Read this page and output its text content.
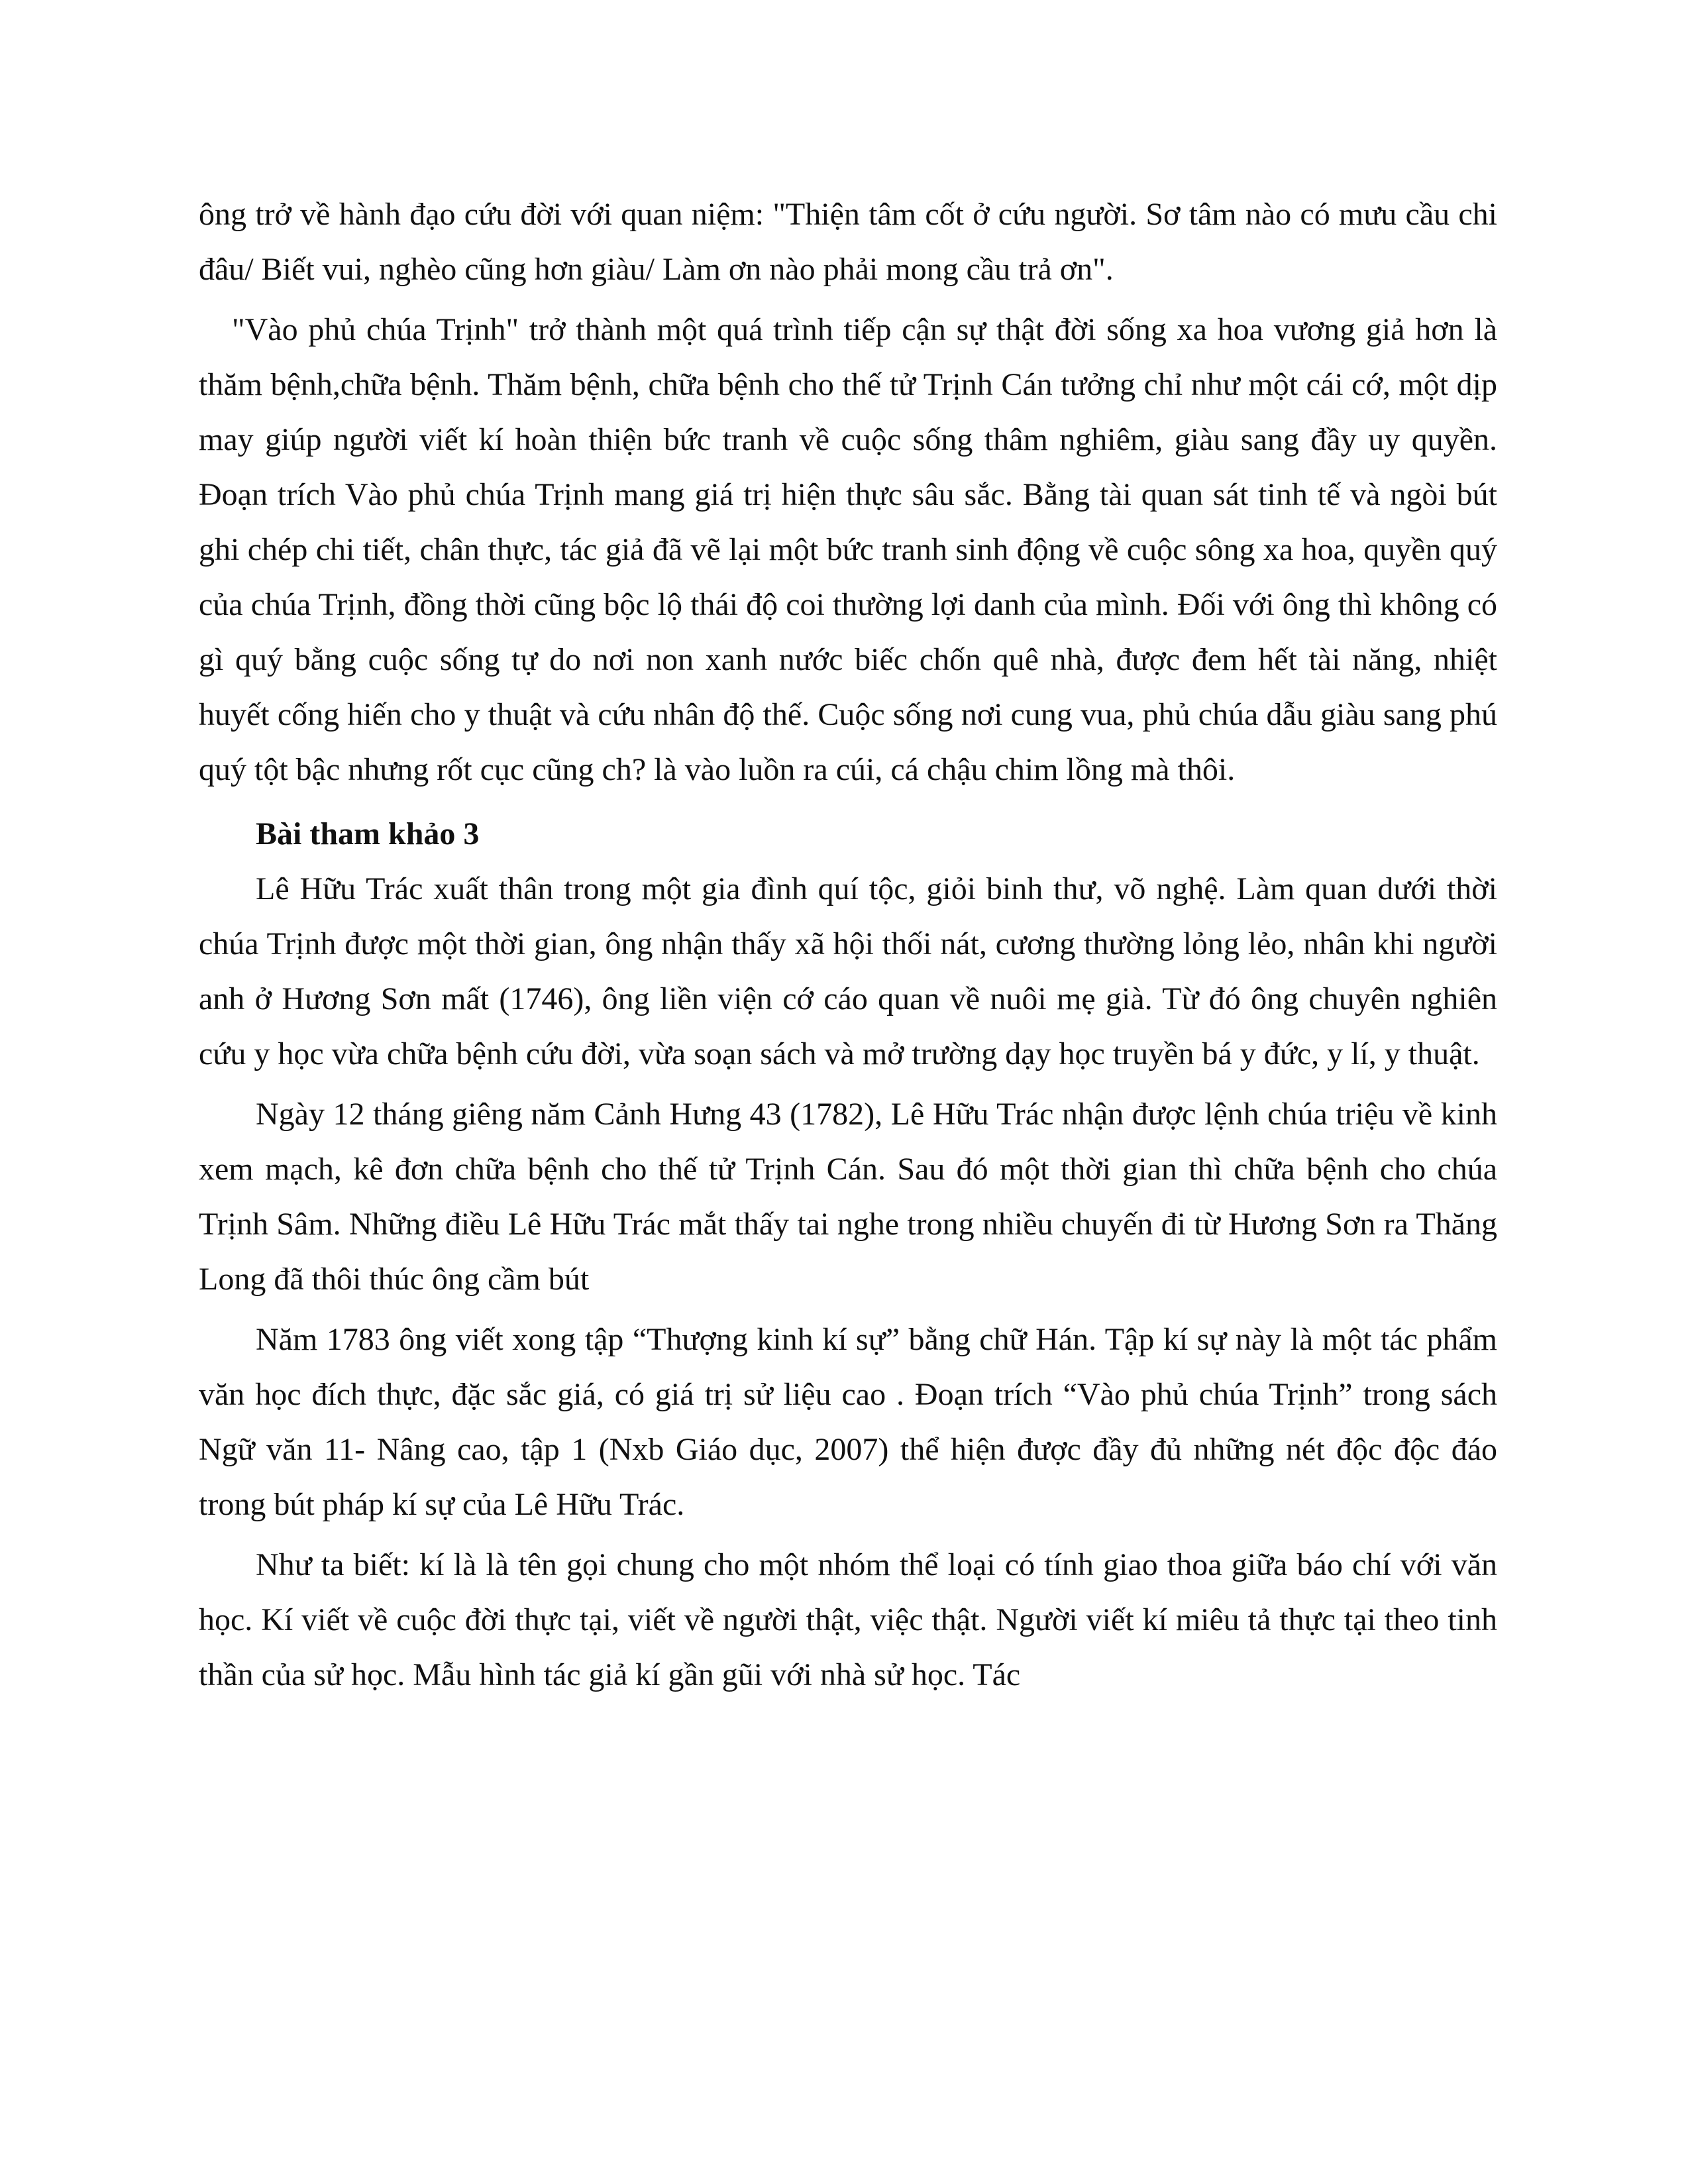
ông trở về hành đạo cứu đời với quan niệm: "Thiện tâm cốt ở cứu người. Sơ tâm nào có mưu cầu chi đâu/ Biết vui, nghèo cũng hơn giàu/ Làm ơn nào phải mong cầu trả ơn".

"Vào phủ chúa Trịnh" trở thành một quá trình tiếp cận sự thật đời sống xa hoa vương giả hơn là thăm bệnh,chữa bệnh. Thăm bệnh, chữa bệnh cho thế tử Trịnh Cán tưởng chỉ như một cái cớ, một dịp may giúp người viết kí hoàn thiện bức tranh về cuộc sống thâm nghiêm, giàu sang đầy uy quyền. Đoạn trích Vào phủ chúa Trịnh mang giá trị hiện thực sâu sắc. Bằng tài quan sát tinh tế và ngòi bút ghi chép chi tiết, chân thực, tác giả đã vẽ lại một bức tranh sinh động về cuộc sông xa hoa, quyền quý của chúa Trịnh, đồng thời cũng bộc lộ thái độ coi thường lợi danh của mình. Đối với ông thì không có gì quý bằng cuộc sống tự do nơi non xanh nước biếc chốn quê nhà, được đem hết tài năng, nhiệt huyết cống hiến cho y thuật và cứu nhân độ thế. Cuộc sống nơi cung vua, phủ chúa dẫu giàu sang phú quý tột bậc nhưng rốt cục cũng ch? là vào luồn ra cúi, cá chậu chim lồng mà thôi.

Bài tham khảo 3

Lê Hữu Trác xuất thân trong một gia đình quí tộc, giỏi binh thư, võ nghệ. Làm quan dưới thời chúa Trịnh được một thời gian, ông nhận thấy xã hội thối nát, cương thường lỏng lẻo, nhân khi người anh ở Hương Sơn mất (1746), ông liền viện cớ cáo quan về nuôi mẹ già. Từ đó ông chuyên nghiên cứu y học vừa chữa bệnh cứu đời, vừa soạn sách và mở trường dạy học truyền bá y đức, y lí, y thuật.

Ngày 12 tháng giêng năm Cảnh Hưng 43 (1782), Lê Hữu Trác nhận được lệnh chúa triệu về kinh xem mạch, kê đơn chữa bệnh cho thế tử Trịnh Cán. Sau đó một thời gian thì chữa bệnh cho chúa Trịnh Sâm. Những điều Lê Hữu Trác mắt thấy tai nghe trong nhiều chuyến đi từ Hương Sơn ra Thăng Long đã thôi thúc ông cầm bút

Năm 1783 ông viết xong tập “Thượng kinh kí sự” bằng chữ Hán. Tập kí sự này là một tác phẩm văn học đích thực, đặc sắc giá, có giá trị sử liệu cao . Đoạn trích “Vào phủ chúa Trịnh” trong sách Ngữ văn 11- Nâng cao, tập 1 (Nxb Giáo dục, 2007) thể hiện được đầy đủ những nét độc độc đáo trong bút pháp kí sự của Lê Hữu Trác.

Như ta biết: kí là là tên gọi chung cho một nhóm thể loại có tính giao thoa giữa báo chí với văn học. Kí viết về cuộc đời thực tại, viết về người thật, việc thật. Người viết kí miêu tả thực tại theo tinh thần của sử học. Mẫu hình tác giả kí gần gũi với nhà sử học. Tác
